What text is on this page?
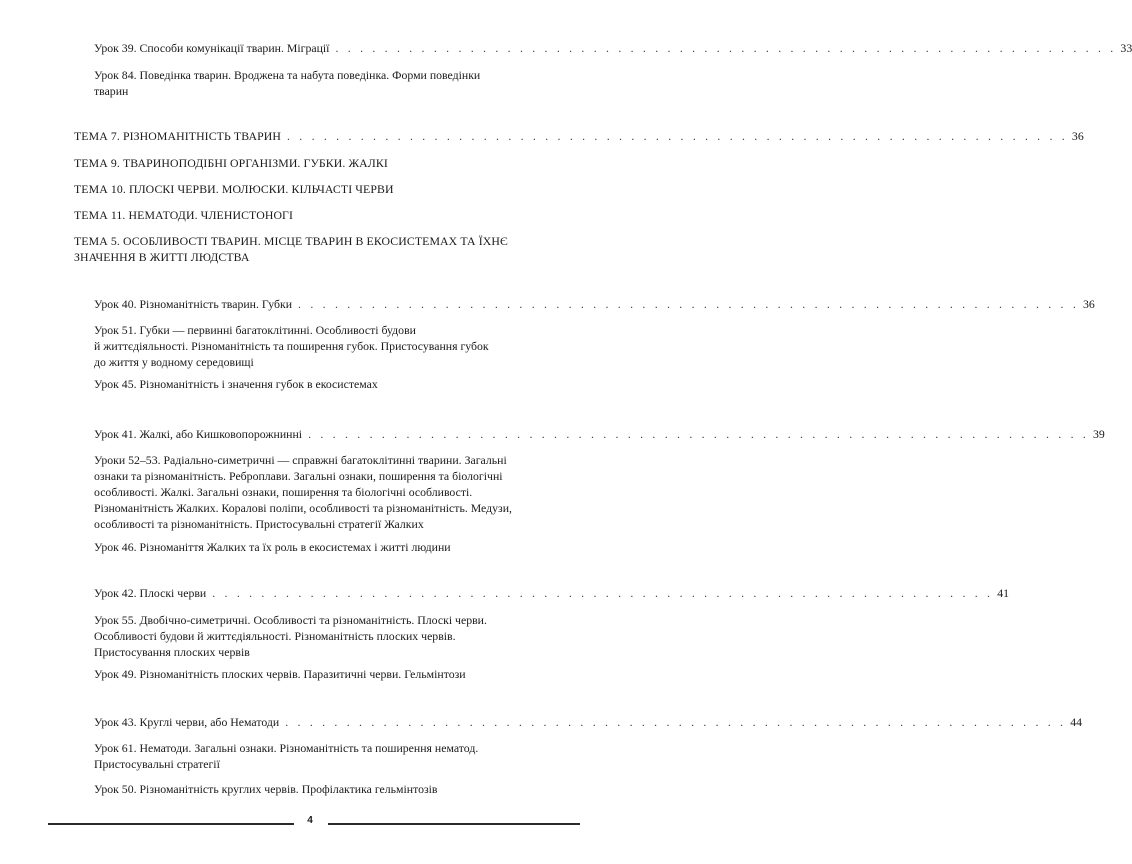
Урок 39. Способи комунікації тварин. Міграції . . . . . . . . . . . . . . . . . . . . . . . . . . . . . . . . . . . . . . . . . . . . . . . . . . . . . . . . . . . . . . . . 33
Урок 84. Поведінка тварин. Вроджена та набута поведінка. Форми поведінки
тварин
ТЕМА 7. РІЗНОМАНІТНІСТЬ ТВАРИН . . . . . . . . . . . . . . . . . . . . . . . . . . . . . . . . . . . . . . . . . . . . . . . . . . . . . . . . . . . . . . . . 36
ТЕМА 9. ТВАРИНОПОДІБНІ ОРГАНІЗМИ. ГУБКИ. ЖАЛКІ
ТЕМА 10. ПЛОСКІ ЧЕРВИ. МОЛЮСКИ. КІЛЬЧАСТІ ЧЕРВИ
ТЕМА 11. НЕМАТОДИ. ЧЛЕНИСТОНОГІ
ТЕМА 5. ОСОБЛИВОСТІ ТВАРИН. МІСЦЕ ТВАРИН В ЕКОСИСТЕМАХ ТА ЇХНЄ
ЗНАЧЕННЯ В ЖИТТІ ЛЮДСТВА
Урок 40. Різноманітність тварин. Губки . . . . . . . . . . . . . . . . . . . . . . . . . . . . . . . . . . . . . . . . . . . . . . . . . . . . . . . . . . . . . . . . 36
Урок 51. Губки — первинні багатоклітинні. Особливості будови
й життєдіяльності. Різноманітність та поширення губок. Пристосування губок
до життя у водному середовищі
Урок 45. Різноманітність і значення губок в екосистемах
Урок 41. Жалкі, або Кишковопорожнинні . . . . . . . . . . . . . . . . . . . . . . . . . . . . . . . . . . . . . . . . . . . . . . . . . . . . . . . . . . . . . . . . 39
Уроки 52–53. Радіально-симетричні — справжні багатоклітинні тварини. Загальні
ознаки та різноманітність. Реброплави. Загальні ознаки, поширення та біологічні
особливості. Жалкі. Загальні ознаки, поширення та біологічні особливості.
Різноманітність Жалких. Коралові поліпи, особливості та різноманітність. Медузи,
особливості та різноманітність. Пристосувальні стратегії Жалких
Урок 46. Різноманіття Жалких та їх роль в екосистемах і житті людини
Урок 42. Плоскі черви . . . . . . . . . . . . . . . . . . . . . . . . . . . . . . . . . . . . . . . . . . . . . . . . . . . . . . . . . . . . . . . . 41
Урок 55. Двобічно-симетричні. Особливості та різноманітність. Плоскі черви.
Особливості будови й життєдіяльності. Різноманітність плоских червів.
Пристосування плоских червів
Урок 49. Різноманітність плоских червів. Паразитичні черви. Гельмінтози
Урок 43. Круглі черви, або Нематоди . . . . . . . . . . . . . . . . . . . . . . . . . . . . . . . . . . . . . . . . . . . . . . . . . . . . . . . . . . . . . . . . 44
Урок 61. Нематоди. Загальні ознаки. Різноманітність та поширення нематод.
Пристосувальні стратегії
Урок 50. Різноманітність круглих червів. Профілактика гельмінтозів
4
